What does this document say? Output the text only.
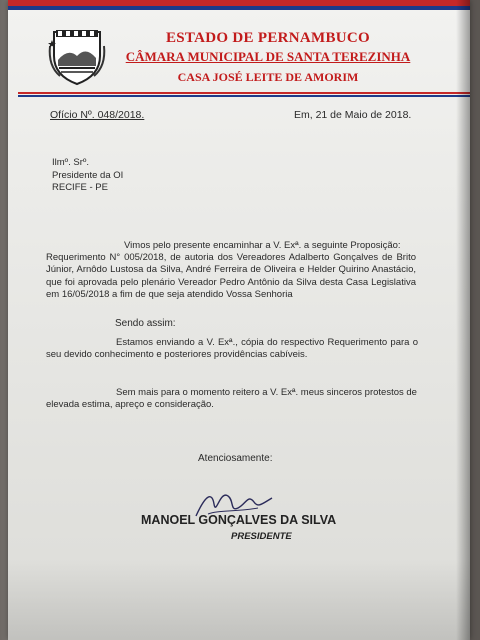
ESTADO DE PERNAMBUCO
CÂMARA MUNICIPAL DE SANTA TEREZINHA
CASA JOSÉ LEITE DE AMORIM
Ofício Nº. 048/2018.	Em, 21 de Maio de 2018.
Ilmº. Srº.
Presidente da OI
RECIFE - PE
Vimos pelo presente encaminhar a V. Exª. a seguinte Proposição:
Requerimento N° 005/2018, de autoria dos Vereadores Adalberto Gonçalves de Brito Júnior, Arnôdo Lustosa da Silva, André Ferreira de Oliveira e Helder Quirino Anastácio, que foi aprovada pelo plenário Vereador Pedro Antônio da Silva desta Casa Legislativa em 16/05/2018 a fim de que seja atendido Vossa Senhoria
Sendo assim:
Estamos enviando a V. Exª., cópia do respectivo Requerimento para o seu devido conhecimento e posteriores providências cabíveis.
Sem mais para o momento reitero a V. Exª. meus sinceros protestos de elevada estima, apreço e consideração.
Atenciosamente:
MANOEL GONÇALVES DA SILVA
PRESIDENTE
